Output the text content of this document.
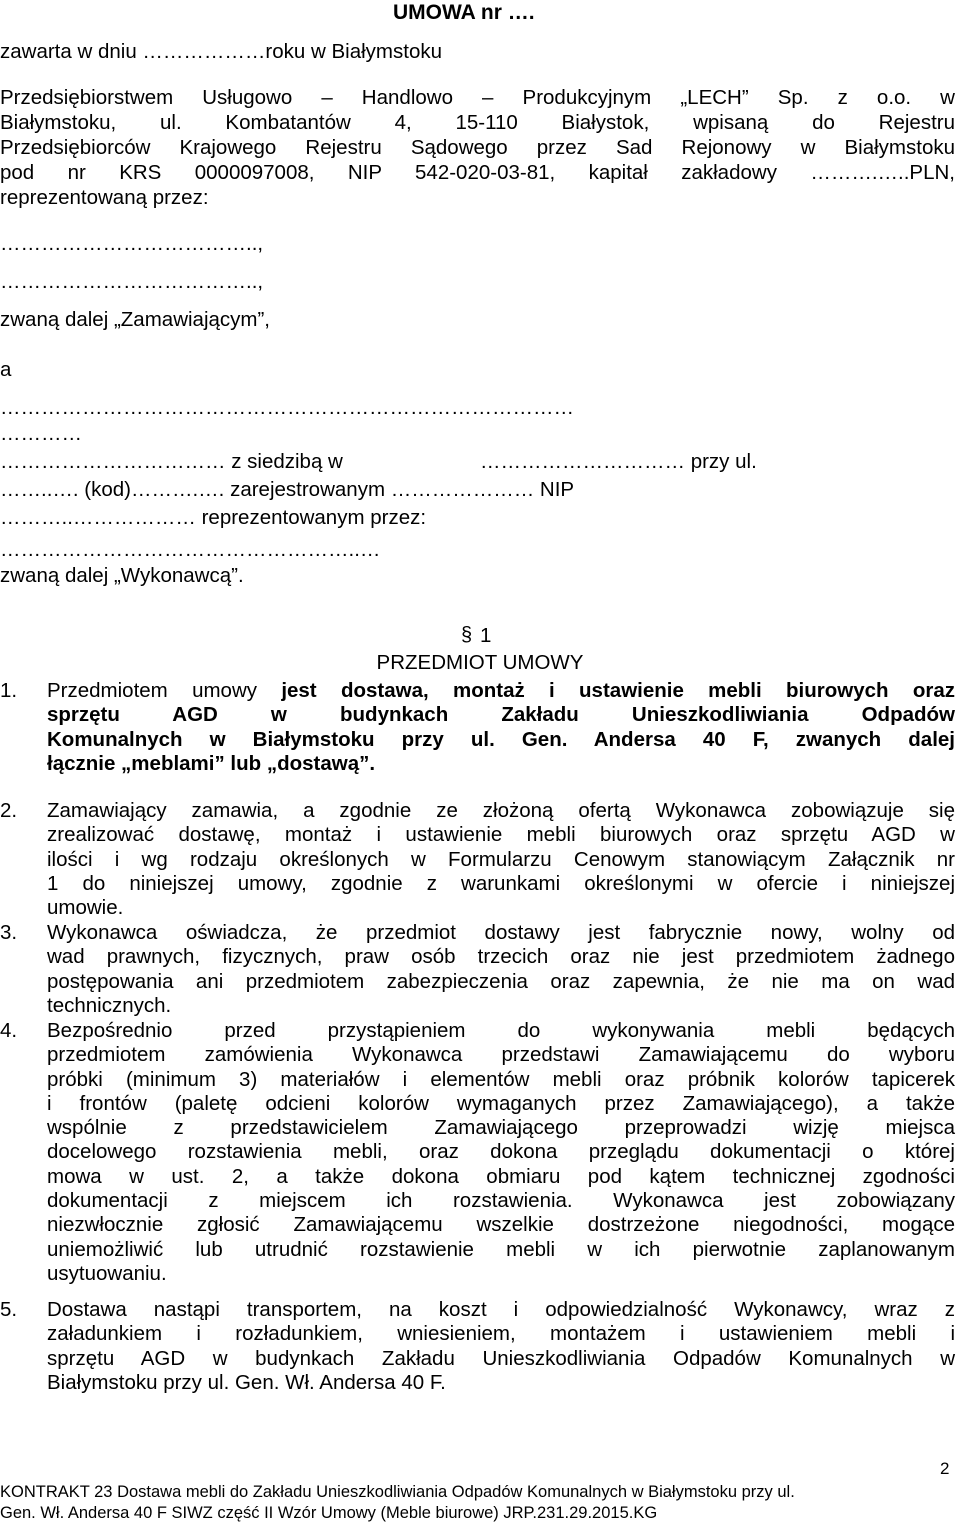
UMOWA nr ….
zawarta w dniu ………………roku w Białymstoku
Przedsiębiorstwem Usługowo – Handlowo – Produkcyjnym „LECH” Sp. z o.o. w
Białymstoku, ul. Kombatantów 4, 15-110 Białystok, wpisaną do Rejestru
Przedsiębiorców Krajowego Rejestru Sądowego przez Sad Rejonowy w Białymstoku
pod nr KRS 0000097008, NIP 542-020-03-81, kapitał zakładowy ……….…..PLN,
reprezentowaną przez:
………………………………..,
………………………………..,
zwaną dalej „Zamawiającym”,
a
…………………………………………………………………………
…………
…………………………… z siedzibą w	………………………… przy ul.
……..…. (kod)……….…. zarejestrowanym ………………… NIP
………..……………… reprezentowanym przez:
……………………………………………..…
zwaną dalej „Wykonawcą”.
§ 1
PRZEDMIOT UMOWY
1.	Przedmiotem umowy jest dostawa, montaż i ustawienie mebli biurowych oraz
sprzętu AGD w budynkach Zakładu Unieszkodliwiania Odpadów
Komunalnych w Białymstoku przy ul. Gen. Andersa 40 F, zwanych dalej
łącznie „meblami” lub „dostawą”.
2.	Zamawiający zamawia, a zgodnie ze złożoną ofertą Wykonawca zobowiązuje się
zrealizować dostawę, montaż i ustawienie mebli biurowych oraz sprzętu AGD w
ilości i wg rodzaju określonych w Formularzu Cenowym stanowiącym Załącznik nr
1 do niniejszej umowy, zgodnie z warunkami określonymi w ofercie i niniejszej
umowie.
3.	Wykonawca oświadcza, że przedmiot dostawy jest fabrycznie nowy, wolny od
wad prawnych, fizycznych, praw osób trzecich oraz nie jest przedmiotem żadnego
postępowania ani przedmiotem zabezpieczenia oraz zapewnia, że nie ma on wad
technicznych.
4.	Bezpośrednio przed przystąpieniem do wykonywania mebli będących
przedmiotem zamówienia Wykonawca przedstawi Zamawiającemu do wyboru
próbki (minimum 3) materiałów i elementów mebli oraz próbnik kolorów tapicerek
i frontów (paletę odcieni kolorów wymaganych przez Zamawiającego), a także
wspólnie z przedstawicielem Zamawiającego przeprowadzi wizję miejsca
docelowego rozstawienia mebli, oraz dokona przeglądu dokumentacji o której
mowa w ust. 2, a także dokona obmiaru pod kątem technicznej zgodności
dokumentacji z miejscem ich rozstawienia. Wykonawca jest zobowiązany
niezwłocznie zgłosić Zamawiającemu wszelkie dostrzeżone niegodności, mogące
uniemożliwić lub utrudnić rozstawienie mebli w ich pierwotnie zaplanowanym
usytuowaniu.
5.	Dostawa nastąpi transportem, na koszt i odpowiedzialność Wykonawcy, wraz z
załadunkiem i rozładunkiem, wniesieniem, montażem i ustawieniem mebli i
sprzętu AGD w budynkach Zakładu Unieszkodliwiania Odpadów Komunalnych w
Białymstoku przy ul. Gen. Wł. Andersa 40 F.
2
KONTRAKT 23 Dostawa mebli do Zakładu Unieszkodliwiania Odpadów Komunalnych w Białymstoku przy ul.
Gen. Wł. Andersa 40 F SIWZ część II Wzór Umowy (Meble biurowe) JRP.231.29.2015.KG
